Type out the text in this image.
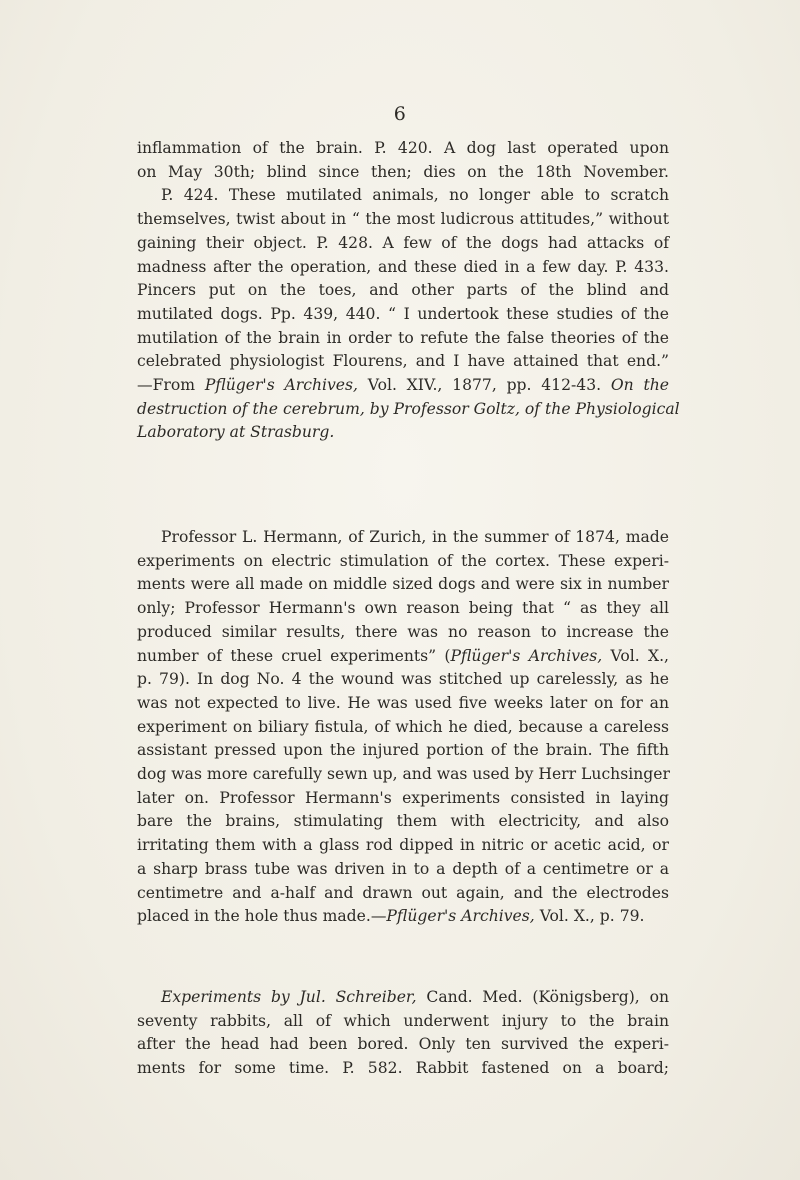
6
inflammation of the brain. P. 420. A dog last operated upon
on May 30th; blind since then; dies on the 18th November.
P. 424. These mutilated animals, no longer able to scratch
themselves, twist about in “ the most ludicrous attitudes,” without
gaining their object. P. 428. A few of the dogs had attacks of
madness after the operation, and these died in a few day. P. 433.
Pincers put on the toes, and other parts of the blind and
mutilated dogs. Pp. 439, 440. “ I undertook these studies of the
mutilation of the brain in order to refute the false theories of the
celebrated physiologist Flourens, and I have attained that end.”
—From Pflüger's Archives, Vol. XIV., 1877, pp. 412-43. On the
destruction of the cerebrum, by Professor Goltz, of the Physiological
Laboratory at Strasburg.
Professor L. Hermann, of Zurich, in the summer of 1874, made
experiments on electric stimulation of the cortex. These experi-
ments were all made on middle sized dogs and were six in number
only; Professor Hermann's own reason being that “ as they all
produced similar results, there was no reason to increase the
number of these cruel experiments” (Pflüger's Archives, Vol. X.,
p. 79). In dog No. 4 the wound was stitched up carelessly, as he
was not expected to live. He was used five weeks later on for an
experiment on biliary fistula, of which he died, because a careless
assistant pressed upon the injured portion of the brain. The fifth
dog was more carefully sewn up, and was used by Herr Luchsinger
later on. Professor Hermann's experiments consisted in laying
bare the brains, stimulating them with electricity, and also
irritating them with a glass rod dipped in nitric or acetic acid, or
a sharp brass tube was driven in to a depth of a centimetre or a
centimetre and a-half and drawn out again, and the electrodes
placed in the hole thus made.—Pflüger's Archives, Vol. X., p. 79.
Experiments by Jul. Schreiber, Cand. Med. (Königsberg), on
seventy rabbits, all of which underwent injury to the brain
after the head had been bored. Only ten survived the experi-
ments for some time. P. 582. Rabbit fastened on a board;
